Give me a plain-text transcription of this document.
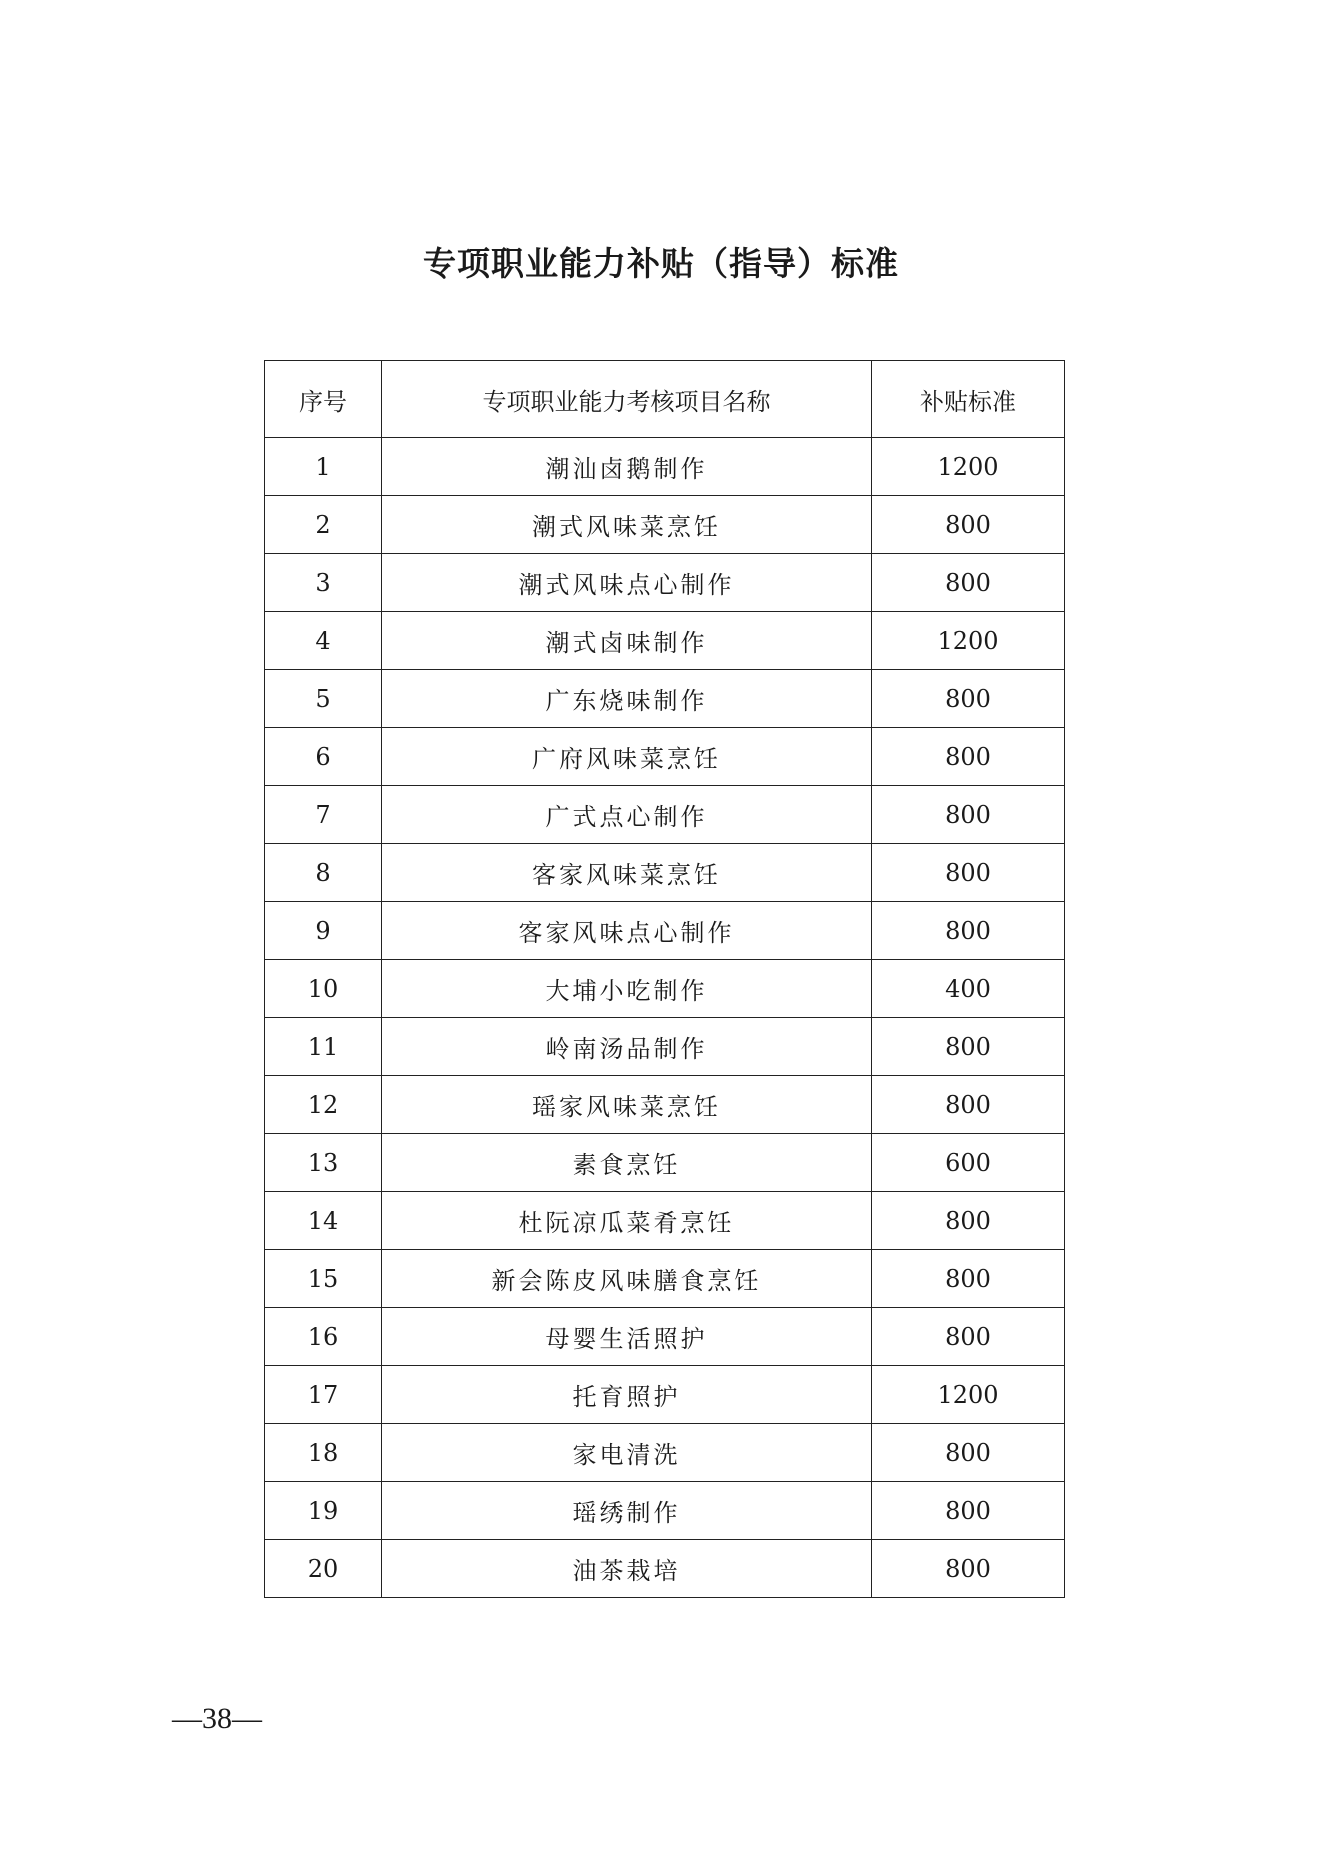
专项职业能力补贴（指导）标准
序号	专项职业能力考核项目名称	补贴标准
1	潮汕卤鹅制作	1200
2	潮式风味菜烹饪	800
3	潮式风味点心制作	800
4	潮式卤味制作	1200
5	广东烧味制作	800
6	广府风味菜烹饪	800
7	广式点心制作	800
8	客家风味菜烹饪	800
9	客家风味点心制作	800
10	大埔小吃制作	400
11	岭南汤品制作	800
12	瑶家风味菜烹饪	800
13	素食烹饪	600
14	杜阮凉瓜菜肴烹饪	800
15	新会陈皮风味膳食烹饪	800
16	母婴生活照护	800
17	托育照护	1200
18	家电清洗	800
19	瑶绣制作	800
20	油茶栽培	800
—38—
